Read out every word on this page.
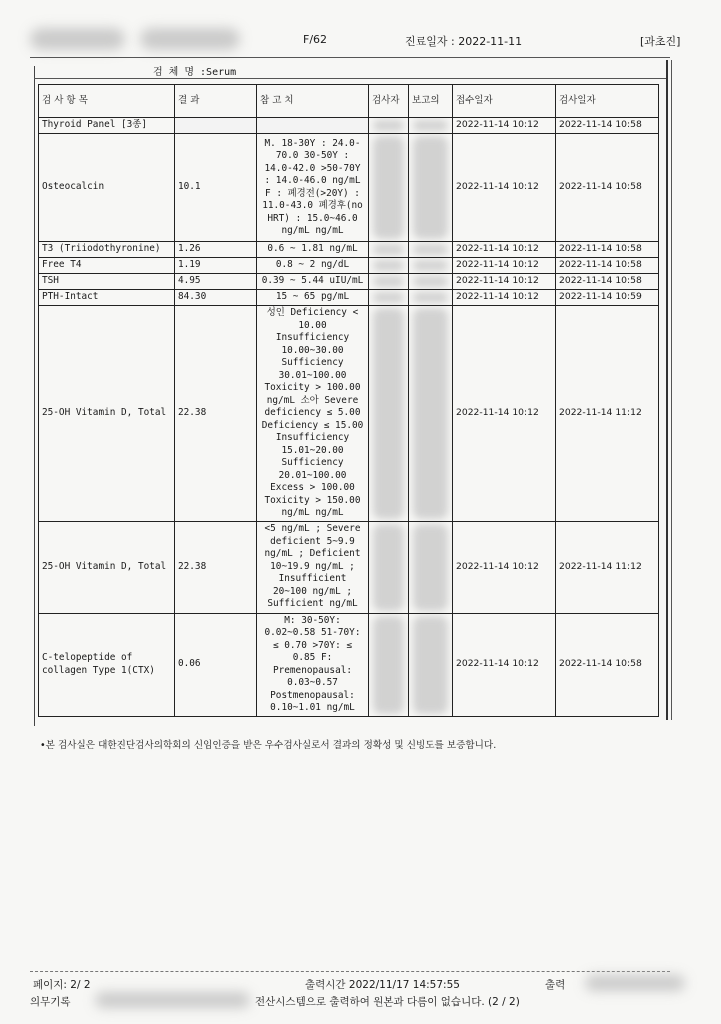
F/62	진료일자 : 2022-11-11	[과초진]
검 체 명 :Serum
검 사 항 목	결 과	참 고 치	검사자	보고의	접수일자	검사일자
Thyroid Panel [3종]					2022-11-14 10:12	2022-11-14 10:58
Osteocalcin	10.1	M. 18-30Y : 24.0-70.0 30-50Y : 14.0-42.0 >50-70Y : 14.0-46.0 ng/mL F : 폐경전(>20Y) : 11.0-43.0 폐경후(no HRT) : 15.0~46.0 ng/mL ng/mL			2022-11-14 10:12	2022-11-14 10:58
T3 (Triiodothyronine)	1.26	0.6 ~ 1.81 ng/mL			2022-11-14 10:12	2022-11-14 10:58
Free T4	1.19	0.8 ~ 2 ng/dL			2022-11-14 10:12	2022-11-14 10:58
TSH	4.95	0.39 ~ 5.44 uIU/mL			2022-11-14 10:12	2022-11-14 10:58
PTH-Intact	84.30	15 ~ 65 pg/mL			2022-11-14 10:12	2022-11-14 10:59
25-OH Vitamin D, Total	22.38	성인 Deficiency < 10.00 Insufficiency 10.00~30.00 Sufficiency 30.01~100.00 Toxicity > 100.00 ng/mL 소아 Severe deficiency ≤ 5.00 Deficiency ≤ 15.00 Insufficiency 15.01~20.00 Sufficiency 20.01~100.00 Excess > 100.00 Toxicity > 150.00 ng/mL ng/mL			2022-11-14 10:12	2022-11-14 11:12
25-OH Vitamin D, Total	22.38	<5 ng/mL ; Severe deficient 5~9.9 ng/mL ; Deficient 10~19.9 ng/mL ; Insufficient 20~100 ng/mL ; Sufficient ng/mL			2022-11-14 10:12	2022-11-14 11:12
C-telopeptide of collagen Type 1(CTX)	0.06	M: 30-50Y: 0.02~0.58 51-70Y: ≤ 0.70 >70Y: ≤ 0.85 F: Premenopausal: 0.03~0.57 Postmenopausal: 0.10~1.01 ng/mL			2022-11-14 10:12	2022-11-14 10:58
•본 검사실은 대한진단검사의학회의 신임인증을 받은 우수검사실로서 결과의 정확성 및 신빙도를 보증합니다.
페이지: 2/ 2	출력시간 2022/11/17 14:57:55	출력
의무기록	전산시스템으로 출력하여 원본과 다름이 없습니다. (2 / 2)
